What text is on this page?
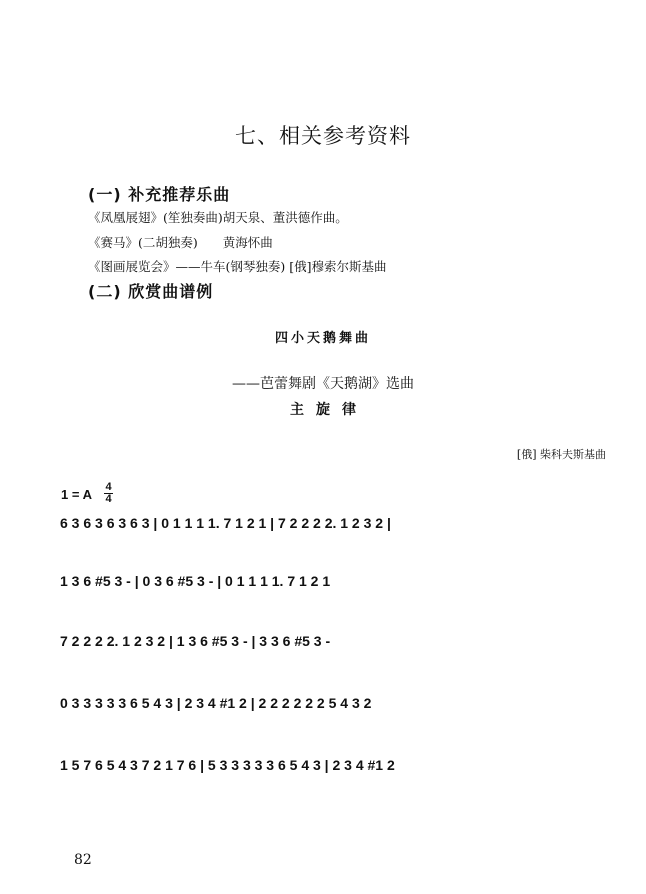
七、相关参考资料
(一) 补充推荐乐曲
《凤凰展翅》(笙独奏曲)胡天泉、董洪德作曲。
《赛马》(二胡独奏)　　黄海怀曲
《图画展览会》——牛车(钢琴独奏) [俄]穆索尔斯基曲
(二) 欣赏曲谱例
四小天鹅舞曲
——芭蕾舞剧《天鹅湖》选曲
主旋律
[俄] 柴科夫斯基曲
1 = A 4
4
6 3 6 3 6 3 6 3 | 0 1 1 1 1. 7 1 2 1 | 7 2 2 2 2. 1 2 3 2 |
1 3 6 #5 3 - | 0 3 6 #5 3 - | 0 1 1 1 1. 7 1 2 1
7 2 2 2 2. 1 2 3 2 | 1 3 6 #5 3 - | 3 3 6 #5 3 -
0 3 3 3 3 3 6 5 4 3 | 2 3 4 #1 2 | 2 2 2 2 2 2 5 4 3 2
1 5 7 6 5 4 3 7 2 1 7 6 | 5 3 3 3 3 3 6 5 4 3 | 2 3 4 #1 2
82
